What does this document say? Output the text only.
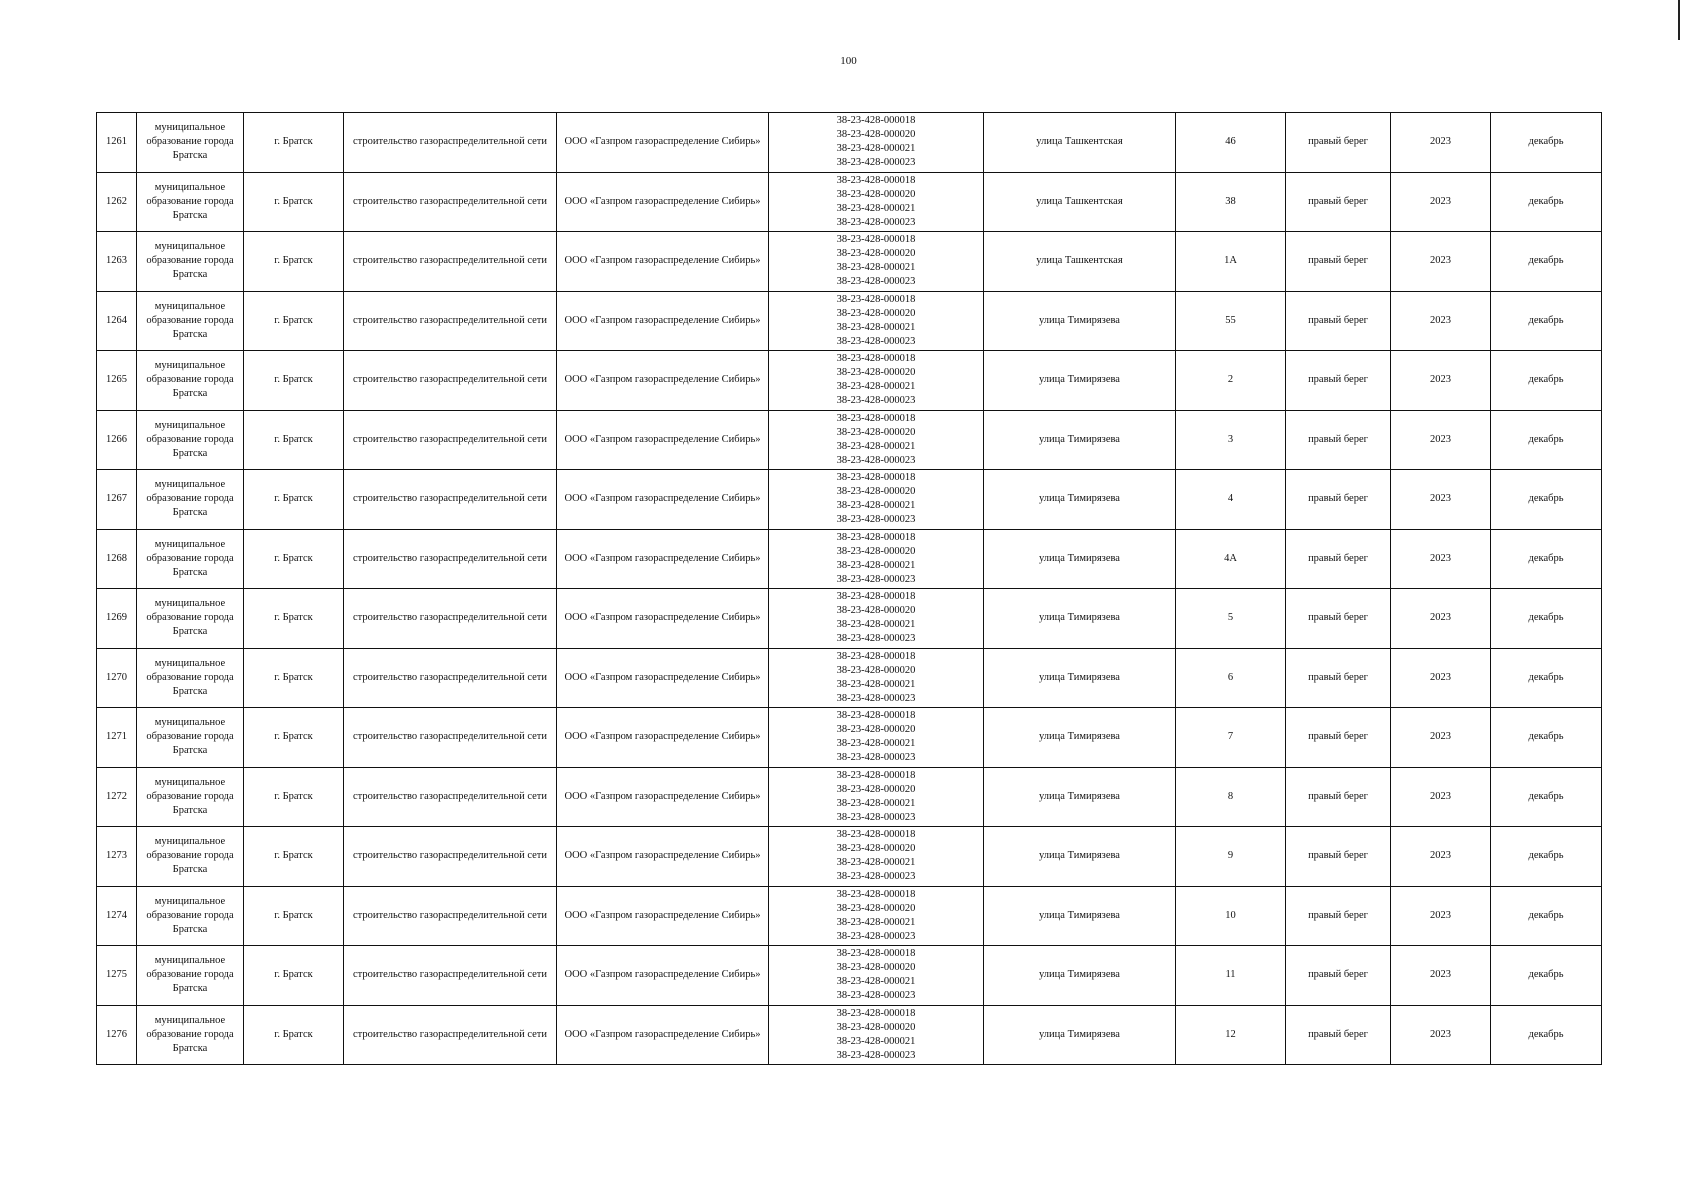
100
1261	муниципальное образование города Братска	г. Братск	строительство газораспределительной сети	ООО «Газпром газораспределение Сибирь»	38-23-428-000018
38-23-428-000020
38-23-428-000021
38-23-428-000023	улица Ташкентская	46	правый берег	2023	декабрь
1262	муниципальное образование города Братска	г. Братск	строительство газораспределительной сети	ООО «Газпром газораспределение Сибирь»	38-23-428-000018
38-23-428-000020
38-23-428-000021
38-23-428-000023	улица Ташкентская	38	правый берег	2023	декабрь
1263	муниципальное образование города Братска	г. Братск	строительство газораспределительной сети	ООО «Газпром газораспределение Сибирь»	38-23-428-000018
38-23-428-000020
38-23-428-000021
38-23-428-000023	улица Ташкентская	1А	правый берег	2023	декабрь
1264	муниципальное образование города Братска	г. Братск	строительство газораспределительной сети	ООО «Газпром газораспределение Сибирь»	38-23-428-000018
38-23-428-000020
38-23-428-000021
38-23-428-000023	улица Тимирязева	55	правый берег	2023	декабрь
1265	муниципальное образование города Братска	г. Братск	строительство газораспределительной сети	ООО «Газпром газораспределение Сибирь»	38-23-428-000018
38-23-428-000020
38-23-428-000021
38-23-428-000023	улица Тимирязева	2	правый берег	2023	декабрь
1266	муниципальное образование города Братска	г. Братск	строительство газораспределительной сети	ООО «Газпром газораспределение Сибирь»	38-23-428-000018
38-23-428-000020
38-23-428-000021
38-23-428-000023	улица Тимирязева	3	правый берег	2023	декабрь
1267	муниципальное образование города Братска	г. Братск	строительство газораспределительной сети	ООО «Газпром газораспределение Сибирь»	38-23-428-000018
38-23-428-000020
38-23-428-000021
38-23-428-000023	улица Тимирязева	4	правый берег	2023	декабрь
1268	муниципальное образование города Братска	г. Братск	строительство газораспределительной сети	ООО «Газпром газораспределение Сибирь»	38-23-428-000018
38-23-428-000020
38-23-428-000021
38-23-428-000023	улица Тимирязева	4А	правый берег	2023	декабрь
1269	муниципальное образование города Братска	г. Братск	строительство газораспределительной сети	ООО «Газпром газораспределение Сибирь»	38-23-428-000018
38-23-428-000020
38-23-428-000021
38-23-428-000023	улица Тимирязева	5	правый берег	2023	декабрь
1270	муниципальное образование города Братска	г. Братск	строительство газораспределительной сети	ООО «Газпром газораспределение Сибирь»	38-23-428-000018
38-23-428-000020
38-23-428-000021
38-23-428-000023	улица Тимирязева	6	правый берег	2023	декабрь
1271	муниципальное образование города Братска	г. Братск	строительство газораспределительной сети	ООО «Газпром газораспределение Сибирь»	38-23-428-000018
38-23-428-000020
38-23-428-000021
38-23-428-000023	улица Тимирязева	7	правый берег	2023	декабрь
1272	муниципальное образование города Братска	г. Братск	строительство газораспределительной сети	ООО «Газпром газораспределение Сибирь»	38-23-428-000018
38-23-428-000020
38-23-428-000021
38-23-428-000023	улица Тимирязева	8	правый берег	2023	декабрь
1273	муниципальное образование города Братска	г. Братск	строительство газораспределительной сети	ООО «Газпром газораспределение Сибирь»	38-23-428-000018
38-23-428-000020
38-23-428-000021
38-23-428-000023	улица Тимирязева	9	правый берег	2023	декабрь
1274	муниципальное образование города Братска	г. Братск	строительство газораспределительной сети	ООО «Газпром газораспределение Сибирь»	38-23-428-000018
38-23-428-000020
38-23-428-000021
38-23-428-000023	улица Тимирязева	10	правый берег	2023	декабрь
1275	муниципальное образование города Братска	г. Братск	строительство газораспределительной сети	ООО «Газпром газораспределение Сибирь»	38-23-428-000018
38-23-428-000020
38-23-428-000021
38-23-428-000023	улица Тимирязева	11	правый берег	2023	декабрь
1276	муниципальное образование города Братска	г. Братск	строительство газораспределительной сети	ООО «Газпром газораспределение Сибирь»	38-23-428-000018
38-23-428-000020
38-23-428-000021
38-23-428-000023	улица Тимирязева	12	правый берег	2023	декабрь
